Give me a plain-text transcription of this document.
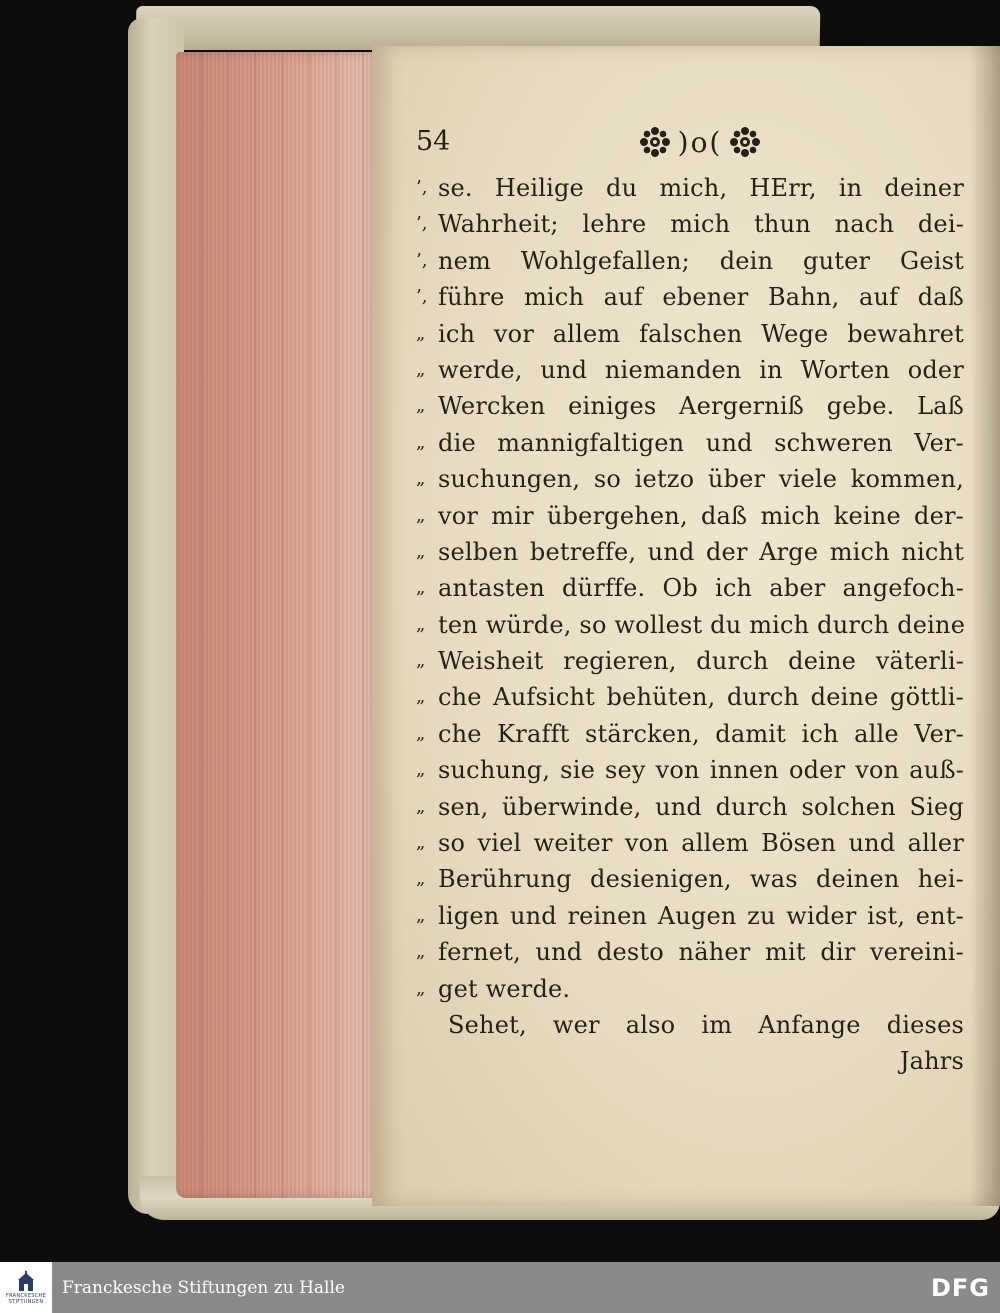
54	)o(
’, se. Heilige du mich, HErr, in deiner
’, Wahrheit; lehre mich thun nach dei-
’, nem Wohlgefallen; dein guter Geist
’, führe mich auf ebener Bahn, auf daß
„ ich vor allem falschen Wege bewahret
„ werde, und niemanden in Worten oder
„ Wercken einiges Aergerniß gebe. Laß
„ die mannigfaltigen und schweren Ver-
„ suchungen, so ietzo über viele kommen,
„ vor mir übergehen, daß mich keine der-
„ selben betreffe, und der Arge mich nicht
„ antasten dürffe. Ob ich aber angefoch-
„ ten würde, so wollest du mich durch deine
„ Weisheit regieren, durch deine väterli-
„ che Aufsicht behüten, durch deine göttli-
„ che Krafft stärcken, damit ich alle Ver-
„ suchung, sie sey von innen oder von auß-
„ sen, überwinde, und durch solchen Sieg
„ so viel weiter von allem Bösen und aller
„ Berührung desienigen, was deinen hei-
„ ligen und reinen Augen zu wider ist, ent-
„ fernet, und desto näher mit dir vereini-
„ get werde.
Sehet, wer also im Anfange dieses
Jahrs
FRANCKESCHE
STIFTUNGEN
Franckesche Stiftungen zu Halle	DFG
